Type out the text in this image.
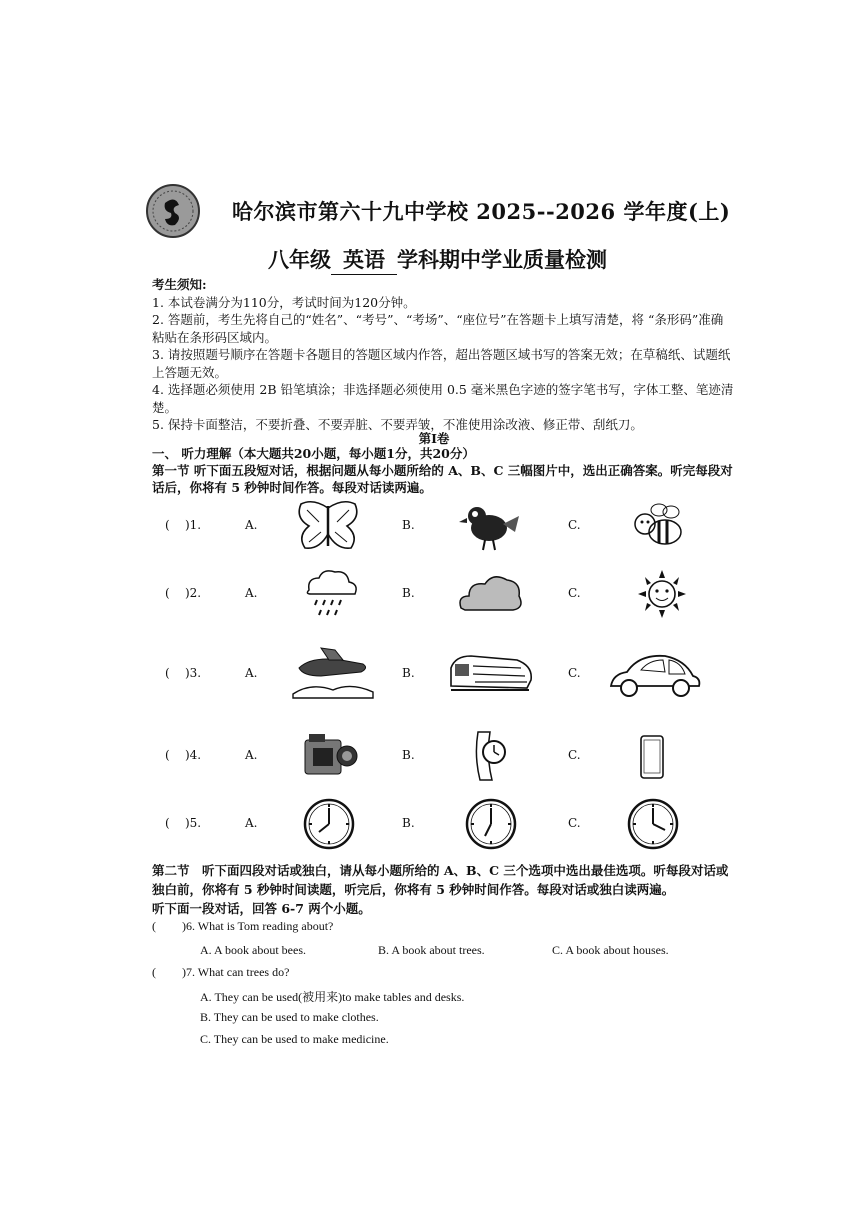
哈尔滨市第六十九中学校 2025--2026 学年度(上)
八年级 英语 学科期中学业质量检测

考生须知:

1. 本试卷满分为110分，考试时间为120分钟。

2. 答题前，考生先将自己的“姓名”、“考号”、“考场”、“座位号”在答题卡上填写清楚，将 “条形码”准确粘贴在条形码区域内。

3. 请按照题号顺序在答题卡各题目的答题区域内作答，超出答题区域书写的答案无效；在草稿纸、试题纸上答题无效。

4. 选择题必须使用 2B 铅笔填涂；非选择题必须使用 0.5 毫米黑色字迹的签字笔书写，字体工整、笔迹清楚。

5. 保持卡面整洁，不要折叠、不要弄脏、不要弄皱，不准使用涂改液、修正带、刮纸刀。

第Ⅰ卷

一、 听力理解（本大题共20小题，每小题1分，共20分）

第一节 听下面五段短对话，根据问题从每小题所给的 A、B、C 三幅图片中，选出正确答案。听完每段对话后，你将有 5 秒钟时间作答。每段对话读两遍。

(    )1.	A.	B.	C.
(    )2.	A.	B.	C.
(    )3.	A.	B.	C.
(    )4.	A.	B.	C.
(    )5.	A.	B.	C.

第二节　听下面四段对话或独白，请从每小题所给的 A、B、C 三个选项中选出最佳选项。听每段对话或独白前，你将有 5 秒钟时间读题，听完后，你将有 5 秒钟时间作答。每段对话或独白读两遍。

听下面一段对话，回答 6-7 两个小题。

( )6. What is Tom reading about?
A. A book about bees.	B. A book about trees.	C. A book about houses.
( )7. What can trees do?
A. They can be used(被用来)to make tables and desks.
B. They can be used to make clothes.
C. They can be used to make medicine.
